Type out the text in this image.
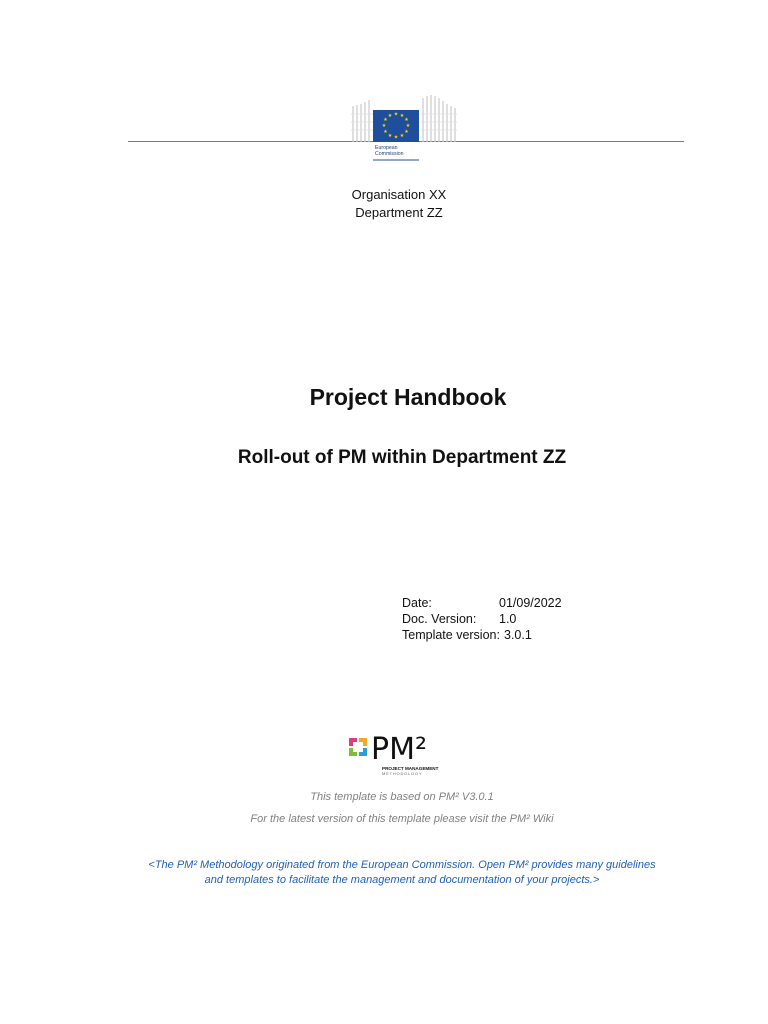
★ ★
★
★
★
★
★
★
★
★
★
★
European
Commission
Organisation XX
Department ZZ
Project Handbook
Roll-out of PM within Department ZZ
Date:	01/09/2022
Doc. Version: 1.0
Template version: 3.0.1
PM²
PROJECT MANAGEMENT
METHODOLOGY
This template is based on PM² V3.0.1
For the latest version of this template please visit the PM² Wiki
<The PM² Methodology originated from the European Commission. Open PM² provides many guidelines
and templates to facilitate the management and documentation of your projects.>
